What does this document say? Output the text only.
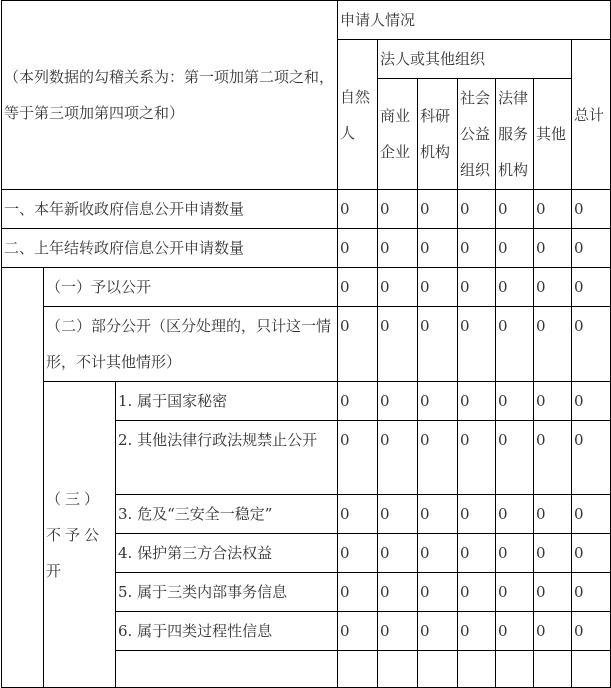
（本列数据的勾稽关系为：第一项加第二项之和， 等于第三项加第四项之和）			申请人情况						
			自然人	法人或其他组织					总计
				商业企业	科研机构	社会公益组织	法律服务机构	其他	

一、本年新收政府信息公开申请数量			0	0	0	0	0	0	0
二、上年结转政府信息公开申请数量			0	0	0	0	0	0	0
	（一）予以公开		0	0	0	0	0	0	0
	（二）部分公开（区分处理的，只计这一情形，不计其他情形）		0	0	0	0	0	0	0
	（三）不予公开	1. 属于国家秘密	0	0	0	0	0	0	0
		2. 其他法律行政法规禁止公开	0	0	0	0	0	0	0
		3. 危及“三安全一稳定”	0	0	0	0	0	0	0
		4. 保护第三方合法权益	0	0	0	0	0	0	0
		5. 属于三类内部事务信息	0	0	0	0	0	0	0
		6. 属于四类过程性信息	0	0	0	0	0	0	0
